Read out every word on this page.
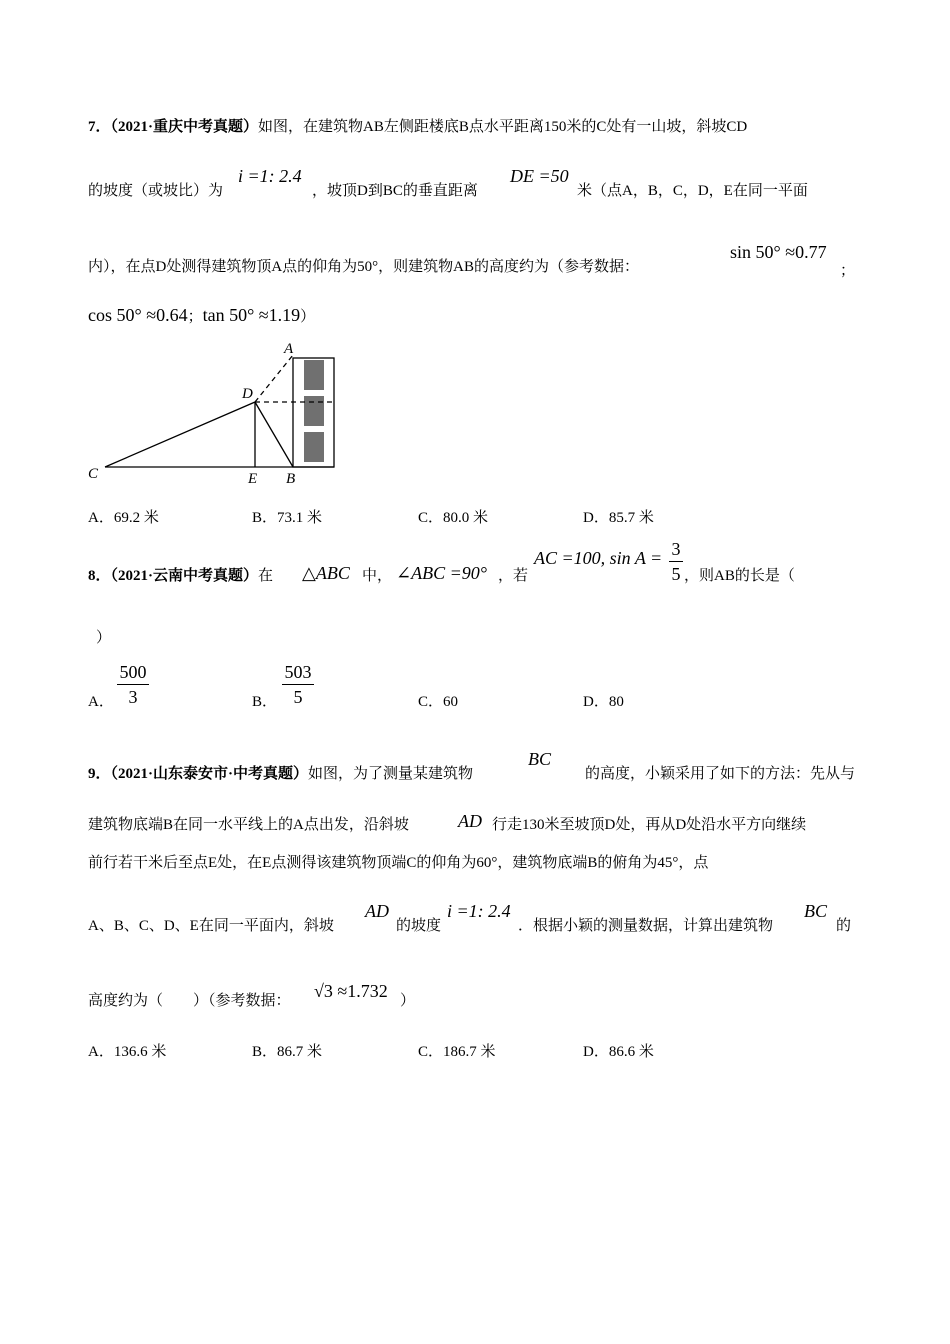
7．（2021·重庆中考真题）如图，在建筑物AB左侧距楼底B点水平距离150米的C处有一山坡，斜坡CD
的坡度（或坡比）为
i =1: 2.4
，坡顶D到BC的垂直距离
DE =50
米（点A，B，C，D，E在同一平面
内），在点D处测得建筑物顶A点的仰角为50°，则建筑物AB的高度约为（参考数据：
sin 50° ≈0.77
；
cos 50° ≈0.64；tan 50° ≈1.19）
A
D
C	E B
A．69.2 米	B．73.1 米	C．80.0 米	D．85.7 米
8．（2021·云南中考真题）在 △ABC 中， ∠ABC =90° ，若
AC =100, sin A = 3
5 ，则AB的长是（
）
A．
500
3	B．
503
5	C．60	D．80
9．（2021·山东泰安市·中考真题）如图，为了测量某建筑物
BC
的高度，小颖采用了如下的方法：先从与
建筑物底端B在同一水平线上的A点出发，沿斜坡	AD 行走130米至坡顶D处，再从D处沿水平方向继续
前行若干米后至点E处，在E点测得该建筑物顶端C的仰角为60°，建筑物底端B的俯角为45°，点
A、B、C、D、E在同一平面内，斜坡
AD
的坡度
i =1: 2.4
．根据小颖的测量数据，计算出建筑物
BC
的
高度约为（　　）（参考数据： √3 ≈1.732 ）
A．136.6 米	B．86.7 米	C．186.7 米	D．86.6 米
